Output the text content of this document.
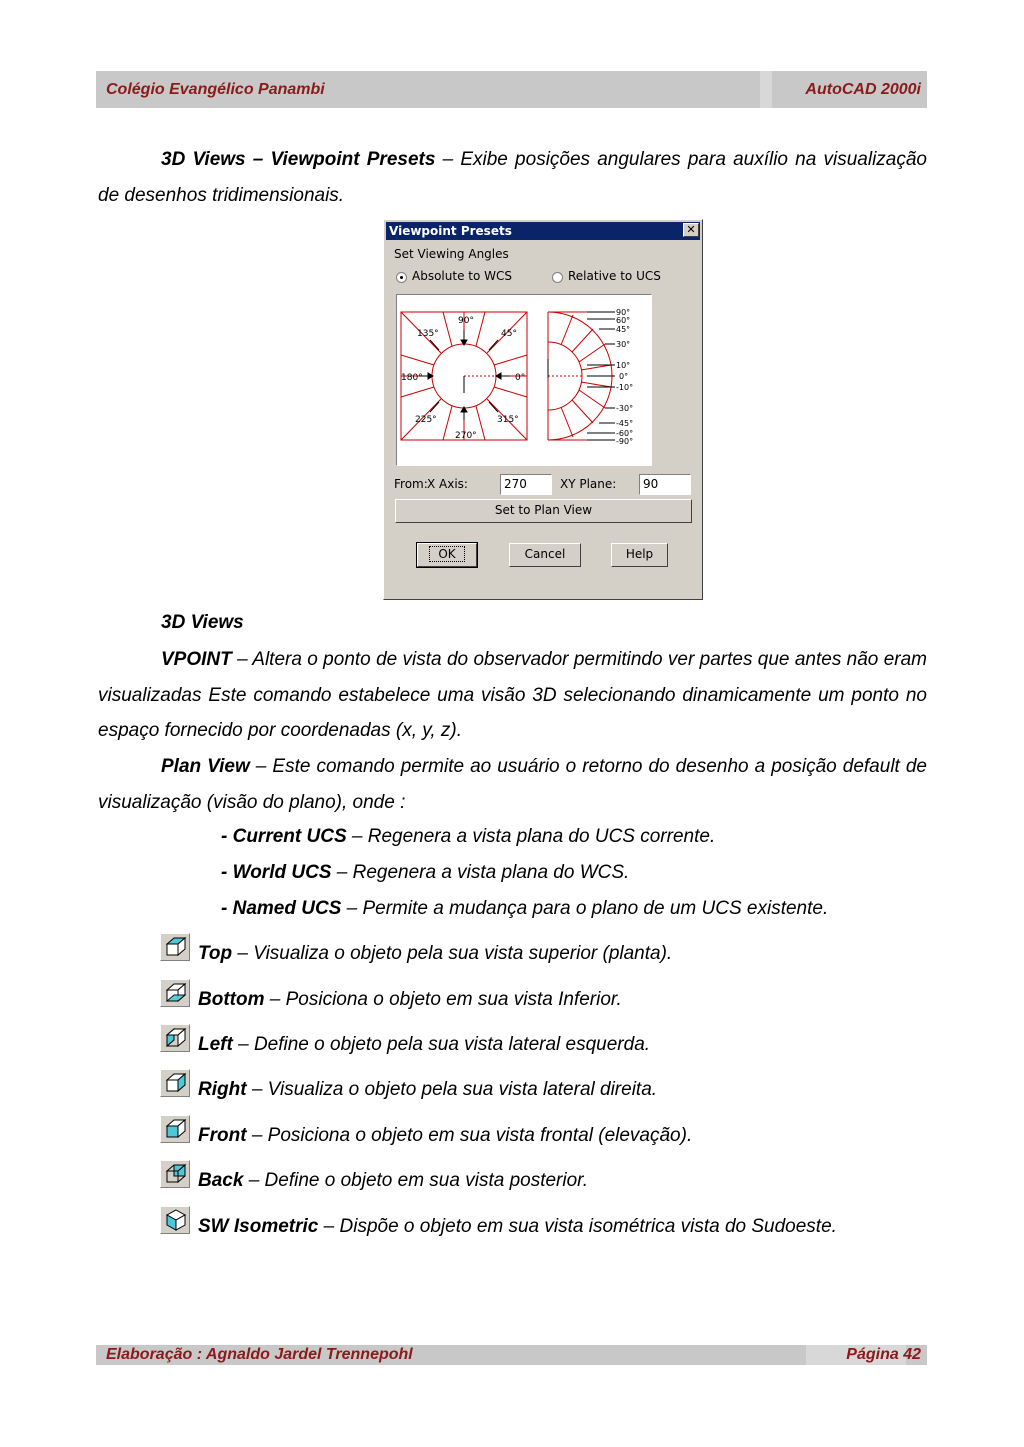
Colégio Evangélico Panambi	AutoCAD 2000i
3D Views – Viewpoint Presets – Exibe posições angulares para auxílio na visualização de desenhos tridimensionais.
Viewpoint Presets	✕
Set Viewing Angles
Absolute to WCS	Relative to UCS
90°
135°	45°
180°	0°
225°	315°
270°
90°
60°
45°
30°
10°
0°
-10°
-30°
-45°
-60°
-90°
From: X Axis:	270	XY Plane:	90
Set to Plan View
OK	Cancel	Help
3D Views
VPOINT – Altera o ponto de vista do observador permitindo ver partes que antes não eram visualizadas Este comando estabelece uma visão 3D selecionando dinamicamente um ponto no espaço fornecido por coordenadas (x, y, z).
Plan View – Este comando permite ao usuário o retorno do desenho a posição default de visualização (visão do plano), onde :
- Current UCS – Regenera a vista plana do UCS corrente.
- World UCS – Regenera a vista plana do WCS.
- Named UCS – Permite a mudança para o plano de um UCS existente.
Top – Visualiza o objeto pela sua vista superior (planta).
Bottom – Posiciona o objeto em sua vista Inferior.
Left – Define o objeto pela sua vista lateral esquerda.
Right – Visualiza o objeto pela sua vista lateral direita.
Front – Posiciona o objeto em sua vista frontal (elevação).
Back – Define o objeto em sua vista posterior.
SW Isometric – Dispõe o objeto em sua vista isométrica vista do Sudoeste.
Elaboração : Agnaldo Jardel Trennepohl	Página 42
